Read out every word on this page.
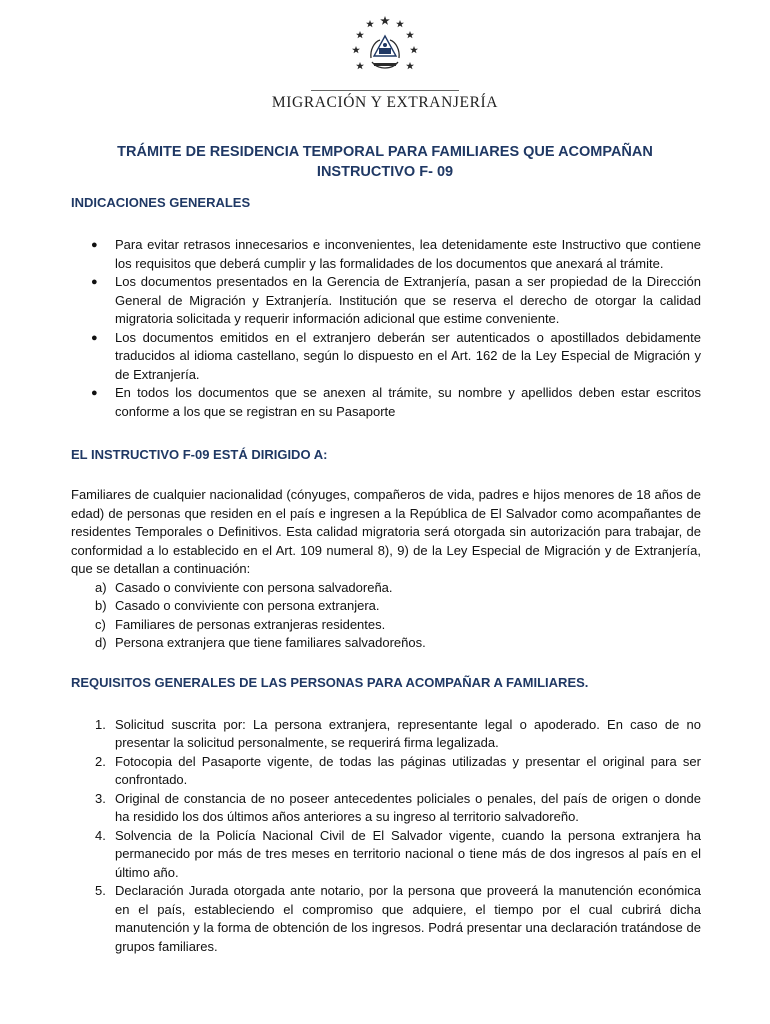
MIGRACIÓN Y EXTRANJERÍA

TRÁMITE DE RESIDENCIA TEMPORAL PARA FAMILIARES QUE ACOMPAÑAN
INSTRUCTIVO F- 09

INDICACIONES GENERALES

● Para evitar retrasos innecesarios e inconvenientes, lea detenidamente este Instructivo que contiene los requisitos que deberá cumplir y las formalidades de los documentos que anexará al trámite.
● Los documentos presentados en la Gerencia de Extranjería, pasan a ser propiedad de la Dirección General de Migración y Extranjería. Institución que se reserva el derecho de otorgar la calidad migratoria solicitada y requerir información adicional que estime conveniente.
● Los documentos emitidos en el extranjero deberán ser autenticados o apostillados debidamente traducidos al idioma castellano, según lo dispuesto en el Art. 162 de la Ley Especial de Migración y de Extranjería.
● En todos los documentos que se anexen al trámite, su nombre y apellidos deben estar escritos conforme a los que se registran en su Pasaporte

EL INSTRUCTIVO F-09 ESTÁ DIRIGIDO A:

Familiares de cualquier nacionalidad (cónyuges, compañeros de vida, padres e hijos menores de 18 años de edad) de personas que residen en el país e ingresen a la República de El Salvador como acompañantes de residentes Temporales o Definitivos. Esta calidad migratoria será otorgada sin autorización para trabajar, de conformidad a lo establecido en el Art. 109 numeral 8), 9) de la Ley Especial de Migración y de Extranjería, que se detallan a continuación:

a) Casado o conviviente con persona salvadoreña.
b) Casado o conviviente con persona extranjera.
c) Familiares de personas extranjeras residentes.
d) Persona extranjera que tiene familiares salvadoreños.

REQUISITOS GENERALES DE LAS PERSONAS PARA ACOMPAÑAR A FAMILIARES.

1. Solicitud suscrita por: La persona extranjera, representante legal o apoderado. En caso de no presentar la solicitud personalmente, se requerirá firma legalizada.
2. Fotocopia del Pasaporte vigente, de todas las páginas utilizadas y presentar el original para ser confrontado.
3. Original de constancia de no poseer antecedentes policiales o penales, del país de origen o donde ha residido los dos últimos años anteriores a su ingreso al territorio salvadoreño.
4. Solvencia de la Policía Nacional Civil de El Salvador vigente, cuando la persona extranjera ha permanecido por más de tres meses en territorio nacional o tiene más de dos ingresos al país en el último año.
5. Declaración Jurada otorgada ante notario, por la persona que proveerá la manutención económica en el país, estableciendo el compromiso que adquiere, el tiempo por el cual cubrirá dicha manutención y la forma de obtención de los ingresos. Podrá presentar una declaración tratándose de grupos familiares.
